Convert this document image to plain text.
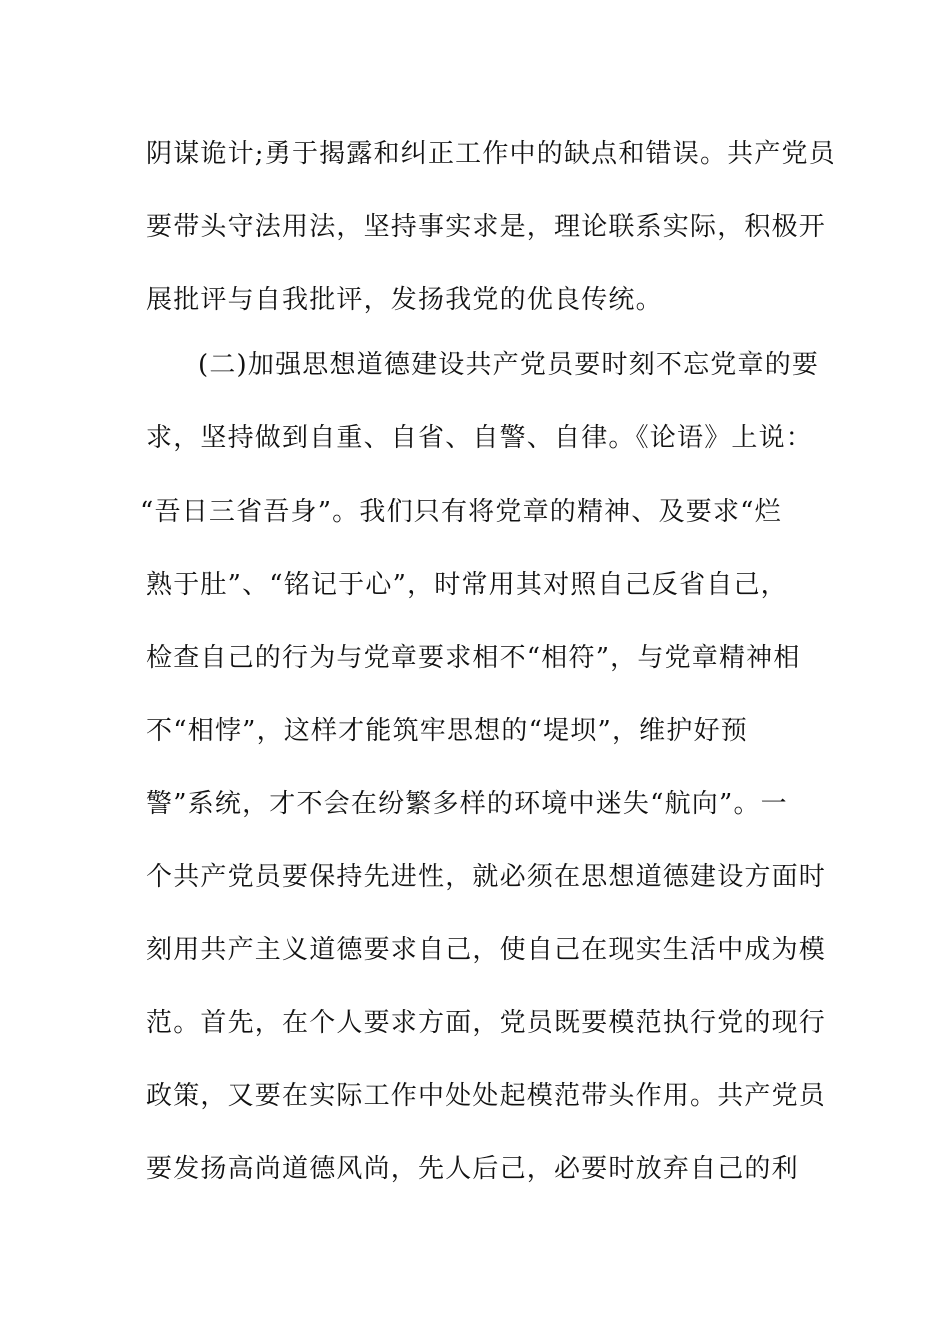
阴谋诡计;勇于揭露和纠正工作中的缺点和错误。共产党员
要带头守法用法，坚持事实求是，理论联系实际，积极开
展批评与自我批评，发扬我党的优良传统。
(二)加强思想道德建设共产党员要时刻不忘党章的要
求，坚持做到自重、自省、自警、自律。《论语》上说：
“吾日三省吾身”。我们只有将党章的精神、及要求“烂
熟于肚”、“铭记于心”，时常用其对照自己反省自己，
检查自己的行为与党章要求相不“相符”，与党章精神相
不“相悖”，这样才能筑牢思想的“堤坝”，维护好预
警”系统，才不会在纷繁多样的环境中迷失“航向”。一
个共产党员要保持先进性，就必须在思想道德建设方面时
刻用共产主义道德要求自己，使自己在现实生活中成为模
范。首先，在个人要求方面，党员既要模范执行党的现行
政策，又要在实际工作中处处起模范带头作用。共产党员
要发扬高尚道德风尚，先人后己，必要时放弃自己的利
